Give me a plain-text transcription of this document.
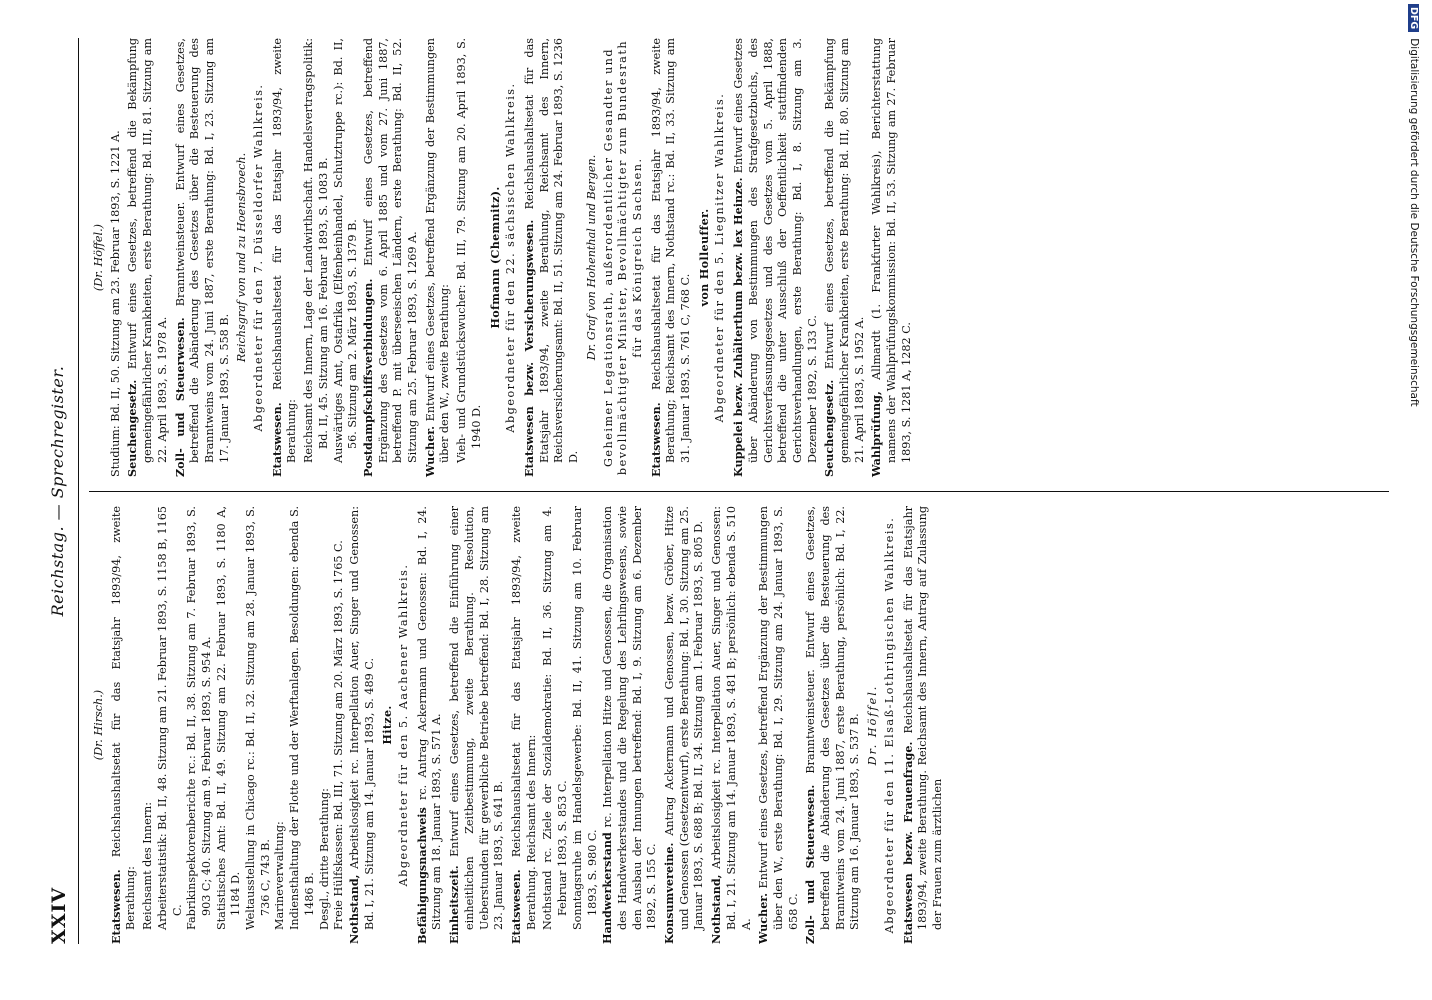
XXIV
Reichstag. — Sprechregister.
(Dr. Hirsch.)
Etatswesen. Reichshaushaltsetat für das Etatsjahr 1893/94, zweite Berathung: Reichsamt des Innern: Arbeiterstatistik: Bd. II, 48. Sitzung am 21. Februar 1893, S. 1158 B, 1165 C. Fabrikinspektorenberichte rc.: Bd. II, 38. Sitzung am 7. Februar 1893, S. 903 C; 40. Sitzung am 9. Februar 1893, S. 954 A. Statistisches Amt: Bd. II, 49. Sitzung am 22. Februar 1893, S. 1180 A, 1184 D. Weltausstellung in Chicago rc.: Bd. II, 32. Sitzung am 28. Januar 1893, S. 736 C, 743 B. Marineverwaltung: Indiensthaltung der Flotte und der Werftanlagen. Besoldungen: ebenda S. 1486 B. Desgl., dritte Berathung: Freie Hülfskassen: Bd. III, 71. Sitzung am 20. März 1893, S. 1765 C. Nothstand, Arbeitslosigkeit rc. Interpellation Auer, Singer und Genossen: Bd. I, 21. Sitzung am 14. Januar 1893, S. 489 C. Hitze. Abgeordneter für den 5. Aachener Wahlkreis. Befähigungsnachweis rc. Antrag Ackermann und Genossen: Bd. I, 24. Sitzung am 18. Januar 1893, S. 571 A. Einheitszeit. Entwurf eines Gesetzes, betreffend die Einführung einer einheitlichen Zeitbestimmung, zweite Berathung. Resolution, Ueberstunden für gewerbliche Betriebe betreffend: Bd. I, 28. Sitzung am 23. Januar 1893, S. 641 B. Etatswesen. Reichshaushaltsetat für das Etatsjahr 1893/94, zweite Berathung. Reichsamt des Innern: Nothstand rc. Ziele der Sozialdemokratie: Bd. II, 36. Sitzung am 4. Februar 1893, S. 853 C. Sonntagsruhe im Handelsgewerbe: Bd. II, 41. Sitzung am 10. Februar 1893, S. 980 C. Handwerkerstand rc. Interpellation Hitze und Genossen, die Organisation des Handwerkerstandes und die Regelung des Lehrlingswesens, sowie den Ausbau der Innungen betreffend: Bd. I, 9. Sitzung am 6. Dezember 1892, S. 155 C. Konsumvereine. Antrag Ackermann und Genossen, bezw. Gröber, Hitze und Genossen (Gesetzentwurf), erste Berathung: Bd. I, 30. Sitzung am 25. Januar 1893, S. 688 B; Bd. II, 34. Sitzung am 1. Februar 1893, S. 805 D. Nothstand, Arbeitslosigkeit rc. Interpellation Auer, Singer und Genossen: Bd. I, 21. Sitzung am 14. Januar 1893, S. 481 B; persönlich: ebenda S. 510 A. Wucher. Entwurf eines Gesetzes, betreffend Ergänzung der Bestimmungen über den W., erste Berathung: Bd. I, 29. Sitzung am 24. Januar 1893, S. 658 C. Zoll- und Steuerwesen. Branntweinsteuer. Entwurf eines Gesetzes, betreffend die Abänderung des Gesetzes über die Besteuerung des Branntweins vom 24. Juni 1887, erste Berathung, persönlich: Bd. I, 22. Sitzung am 16. Januar 1893, S. 537 B. Dr. Höffel. Abgeordneter für den 11. Elsaß-Lothringischen Wahlkreis. Etatswesen bezw. Frauenfrage. Reichshaushaltsetat für das Etatsjahr 1893/94, zweite Berathung. Reichsamt des Innern, Antrag auf Zulassung der Frauen zum ärztlichen
(Dr. Höffel.) Studium: Bd. II, 50. Sitzung am 23. Februar 1893, S. 1221 A. Seuchengesetz. Entwurf eines Gesetzes, betreffend die Bekämpfung gemeingefährlicher Krankheiten, erste Berathung: Bd. III, 81. Sitzung am 22. April 1893, S. 1978 A. Zoll- und Steuerwesen. Branntweinsteuer. Entwurf eines Gesetzes, betreffend die Abänderung des Gesetzes über die Besteuerung des Branntweins vom 24. Juni 1887, erste Berathung: Bd. I, 23. Sitzung am 17. Januar 1893, S. 558 B.
Reichsgraf von und zu Hoensbroech. Abgeordneter für den 7. Düsseldorfer Wahlkreis.
Etatswesen. Reichshaushaltsetat für das Etatsjahr 1893/94, zweite Berathung: Reichsamt des Innern, Lage der Landwirthschaft. Handelsvertragspolitik: Bd. II, 45. Sitzung am 16. Februar 1893, S. 1083 B. Auswärtiges Amt, Ostafrika (Elfenbeinhandel, Schutztruppe rc.): Bd. II, 56. Sitzung am 2. März 1893, S. 1379 B. Postdampfschiffsverbindungen. Entwurf eines Gesetzes, betreffend Ergänzung des Gesetzes vom 6. April 1885 und vom 27. Juni 1887, betreffend P. mit überseeischen Ländern, erste Berathung: Bd. II, 52. Sitzung am 25. Februar 1893, S. 1269 A. Wucher. Entwurf eines Gesetzes, betreffend Ergänzung der Bestimmungen über den W., zweite Berathung: Vieh- und Grundstückswucher: Bd. III, 79. Sitzung am 20. April 1893, S. 1940 D.
Hofmann (Chemnitz). Abgeordneter für den 22. sächsischen Wahlkreis. Etatswesen bezw. Versicherungswesen. Reichshaushaltsetat für das Etatsjahr 1893/94, zweite Berathung, Reichsamt des Innern, Reichsversicherungsamt: Bd. II, 51. Sitzung am 24. Februar 1893, S. 1236 D.
Dr. Graf von Hohenthal und Bergen. Geheimer Legationsrath, außerordentlicher Gesandter und bevollmächtigter Minister, Bevollmächtigter zum Bundesrath für das Königreich Sachsen.
Etatswesen. Reichshaushaltsetat für das Etatsjahr 1893/94, zweite Berathung; Reichsamt des Innern, Nothstand rc.: Bd. II, 33. Sitzung am 31. Januar 1893, S. 761 C, 768 C.
von Holleuffer. Abgeordneter für den 5. Liegnitzer Wahlkreis. Kuppelei bezw. Zuhälterthum bezw. lex Heinze. Entwurf eines Gesetzes über Abänderung von Bestimmungen des Strafgesetzbuchs, des Gerichtsverfassungsgesetzes und des Gesetzes vom 5. April 1888, betreffend die unter Ausschluß der Oeffentlichkeit stattfindenden Gerichtsverhandlungen, erste Berathung: Bd. I, 8. Sitzung am 3. Dezember 1892, S. 133 C. Seuchengesetz. Entwurf eines Gesetzes, betreffend die Bekämpfung gemeingefährlicher Krankheiten, erste Berathung: Bd. III, 80. Sitzung am 21. April 1893, S. 1952 A. Wahlprüfung, Allmardt (1. Frankfurter Wahlkreis), Berichterstattung namens der Wahlprüfungskommission: Bd. II, 53. Sitzung am 27. Februar 1893, S. 1281 A, 1282 C.
DFGDigitalisierung gefördert durch die Deutsche Forschungsgemeinschaft
